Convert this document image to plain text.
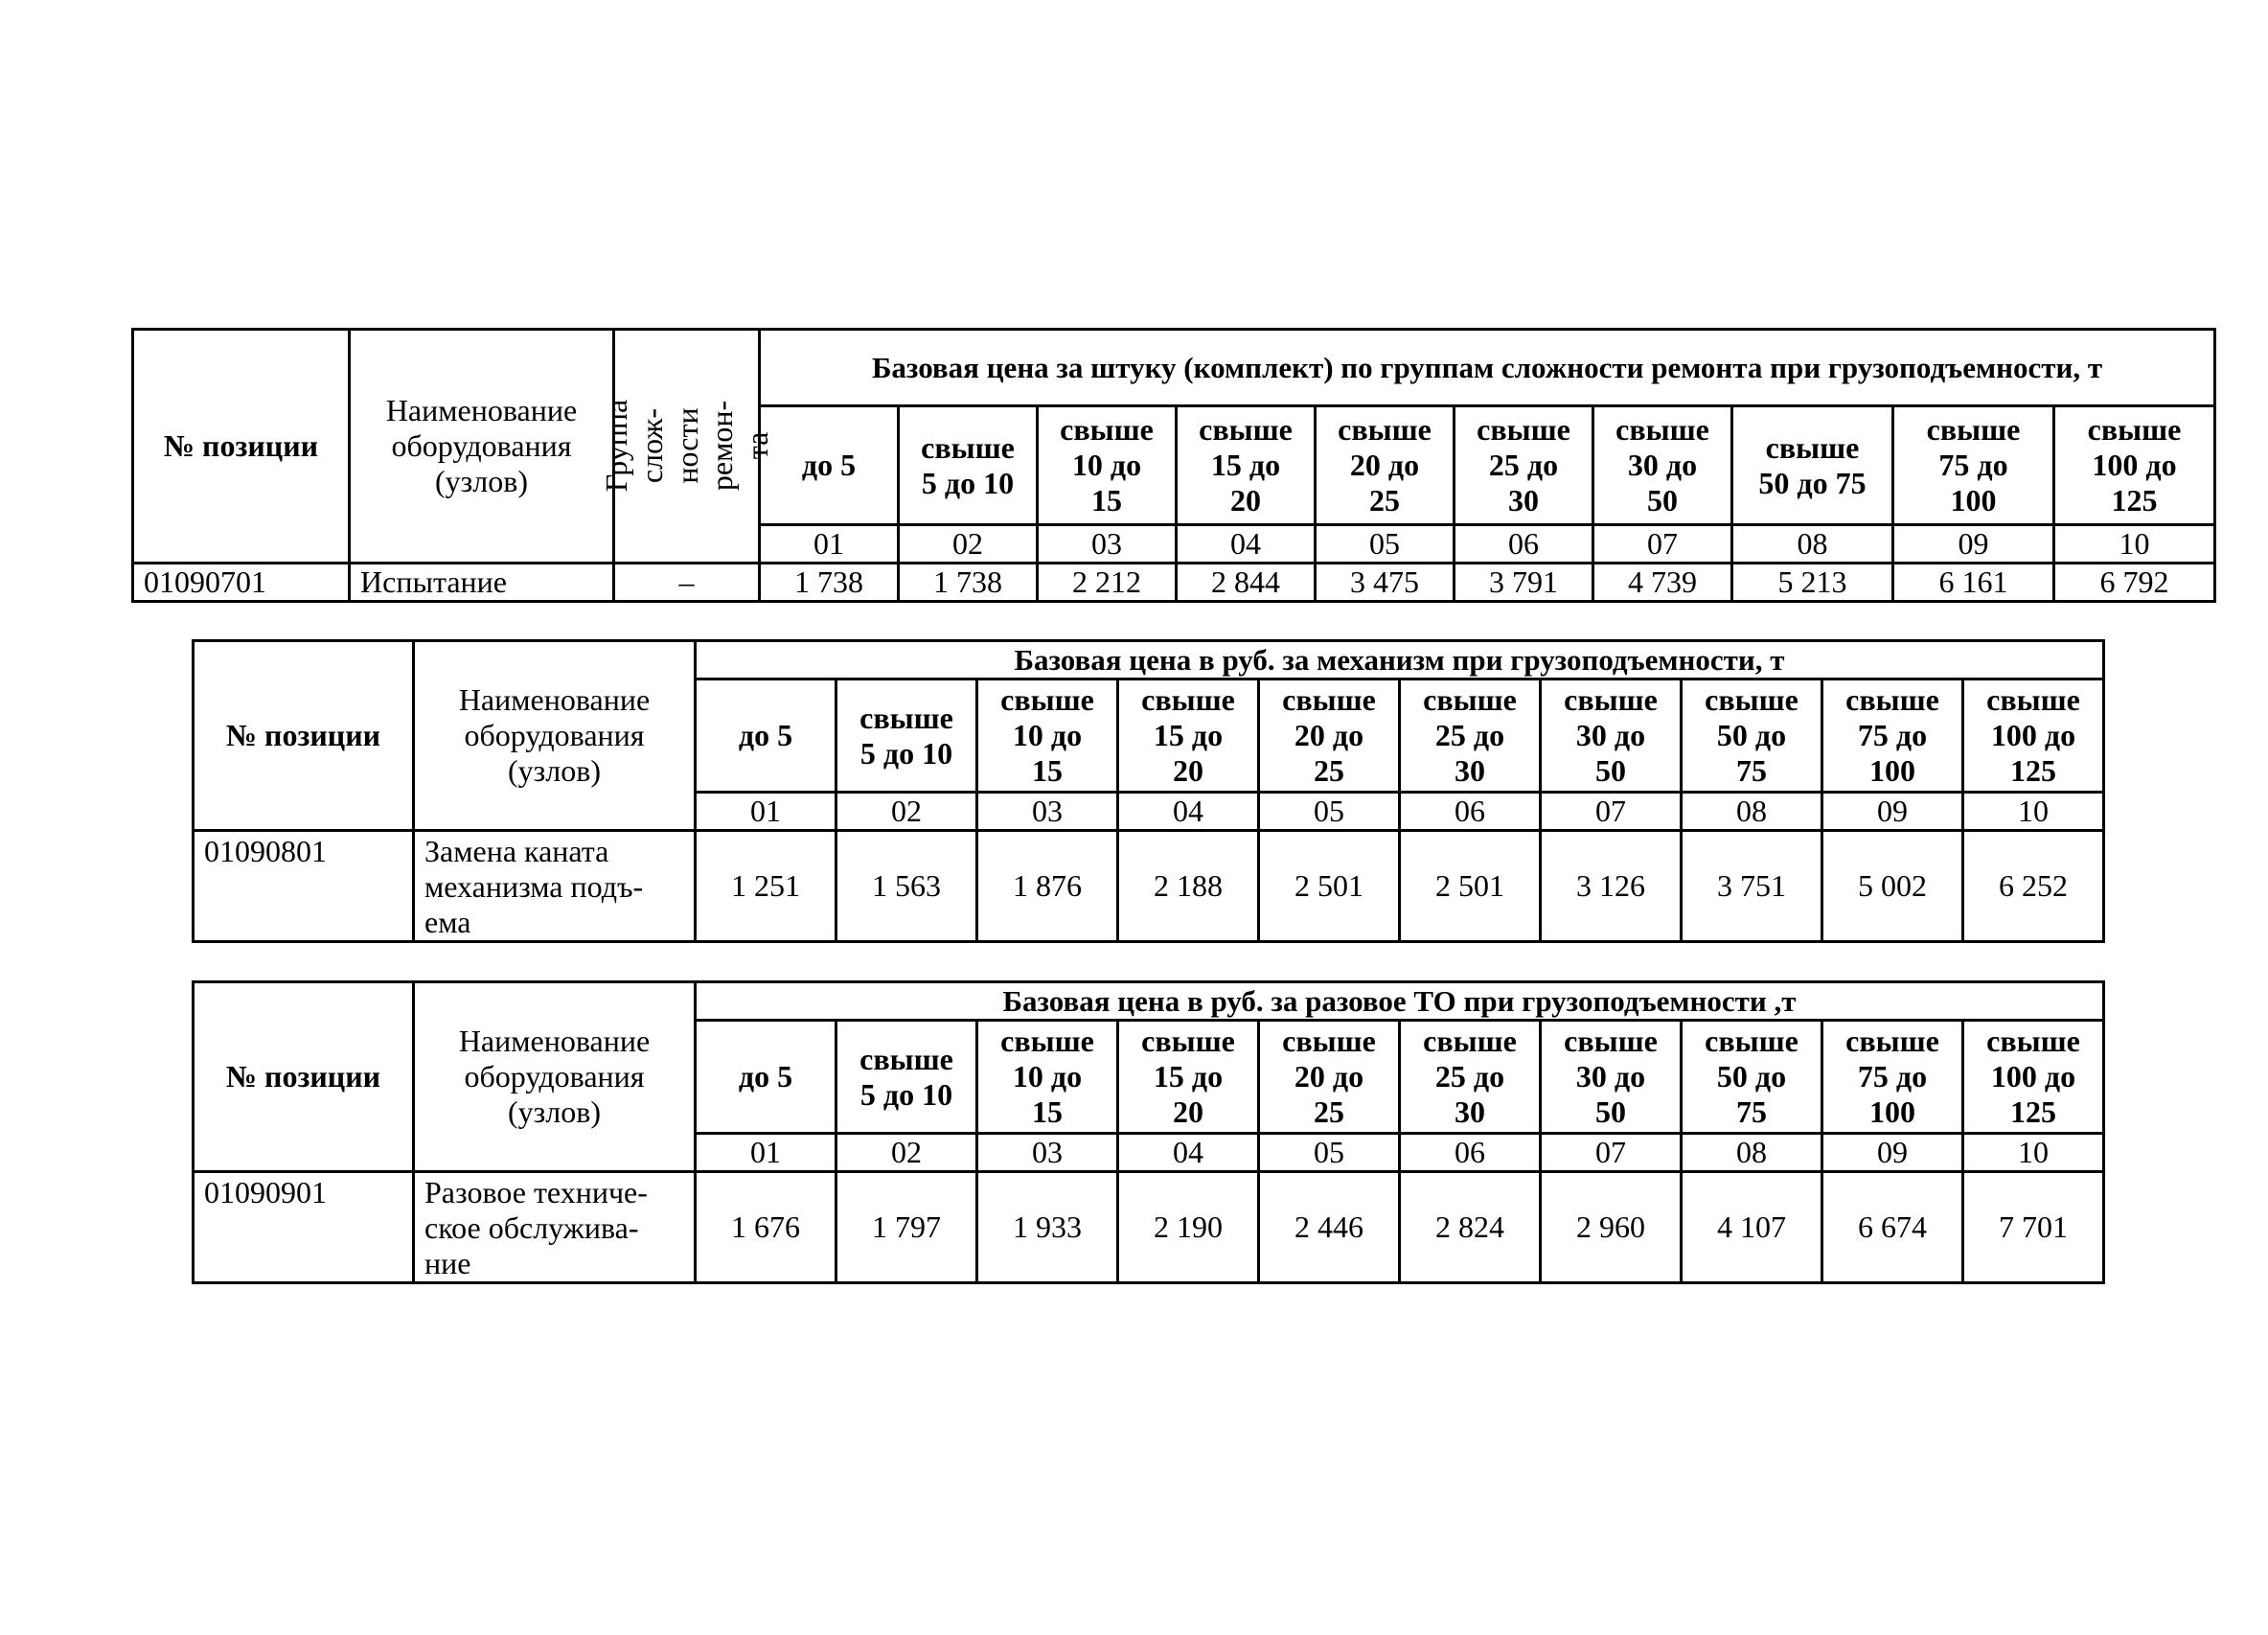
№ позиции	Наименование
оборудования
(узлов)	Группа слож-
ности ремон-
та	Базовая цена за штуку (комплект) по группам сложности ремонта при грузоподъемности, т									
			до 5	свыше
5 до 10	свыше
10 до
15	свыше
15 до
20	свыше
20 до
25	свыше
25 до
30	свыше
30 до
50	свыше
50 до 75	свыше
75 до
100	свыше
100 до
125
			01	02	03	04	05	06	07	08	09	10
01090701	Испытание	–	1 738	1 738	2 212	2 844	3 475	3 791	4 739	5 213	6 161	6 792
№ позиции	Наименование
оборудования
(узлов)	Базовая цена в руб. за механизм при грузоподъемности, т									
		до 5	свыше
5 до 10	свыше
10 до
15	свыше
15 до
20	свыше
20 до
25	свыше
25 до
30	свыше
30 до
50	свыше
50 до
75	свыше
75 до
100	свыше
100 до
125
		01	02	03	04	05	06	07	08	09	10
01090801	Замена каната
механизма подъ-
ема	1 251	1 563	1 876	2 188	2 501	2 501	3 126	3 751	5 002	6 252
№ позиции	Наименование
оборудования
(узлов)	Базовая цена в руб. за разовое ТО при грузоподъемности ,т									
		до 5	свыше
5 до 10	свыше
10 до
15	свыше
15 до
20	свыше
20 до
25	свыше
25 до
30	свыше
30 до
50	свыше
50 до
75	свыше
75 до
100	свыше
100 до
125
		01	02	03	04	05	06	07	08	09	10
01090901	Разовое техниче-
ское обслужива-
ние	1 676	1 797	1 933	2 190	2 446	2 824	2 960	4 107	6 674	7 701
